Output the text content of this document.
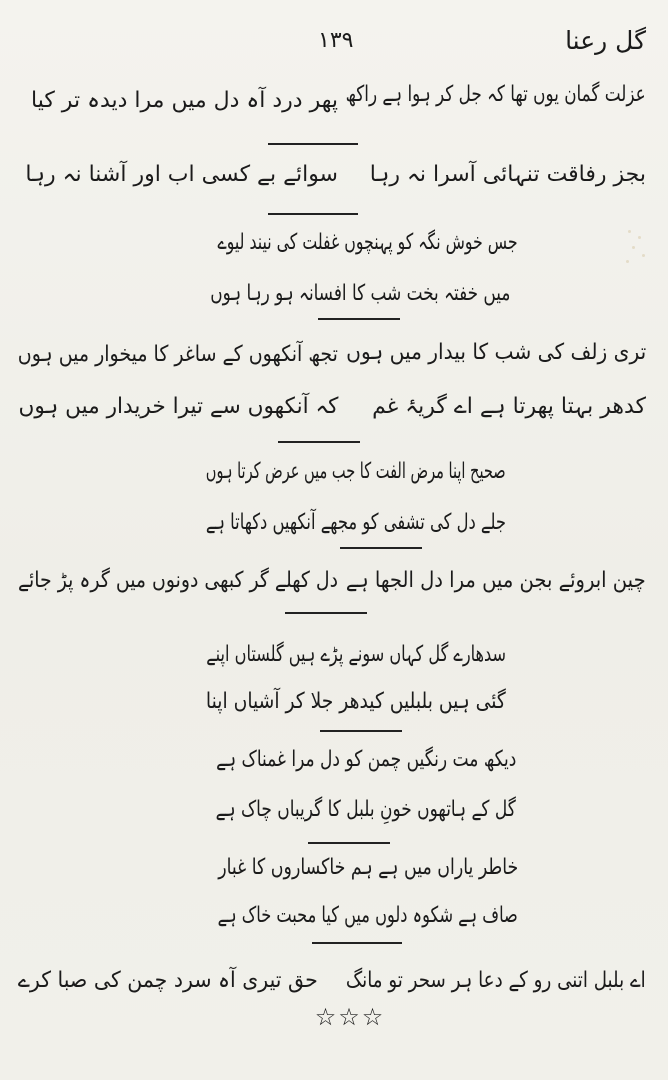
گل رعنا
١٣٩
عزلت گمان یوں تھا کہ جل کر ہوا ہے راکھ
پھر درد آہ دل میں مرا دیدہ تر کیا
بجز رفاقت تنہائی آسرا نہ رہا
سوائے بے کسی اب اور آشنا نہ رہا
جس خوش نگہ کو پہنچوں غفلت کی نیند لیوے
میں خفتہ بخت شب کا افسانہ ہو رہا ہوں
تری زلف کی شب کا بیدار میں ہوں
تجھ آنکھوں کے ساغر کا میخوار میں ہوں
کدھر بہتا پھرتا ہے اے گریۂ غم
کہ آنکھوں سے تیرا خریدار میں ہوں
صحیح اپنا مرض الفت کا جب میں عرض کرتا ہوں
جلے دل کی تشفی کو مجھے آنکھیں دکھاتا ہے
چین ابروئے بجن میں مرا دل الجھا ہے
دل کھلے گر کبھی دونوں میں گرہ پڑ جائے
سدھارے گل کہاں سونے پڑے ہیں گلستاں اپنے
گئی ہیں بلبلیں کیدھر جلا کر آشیاں اپنا
دیکھ مت رنگیں چمن کو دل مرا غمناک ہے
گل کے ہاتھوں خونِ بلبل کا گریباں چاک ہے
خاطر یاراں میں ہے ہم خاکساروں کا غبار
صاف ہے شکوہ دلوں میں کیا محبت خاک ہے
اے بلبل اتنی رو کے دعا ہر سحر تو مانگ
حق تیری آہ سرد چمن کی صبا کرے
☆☆☆
